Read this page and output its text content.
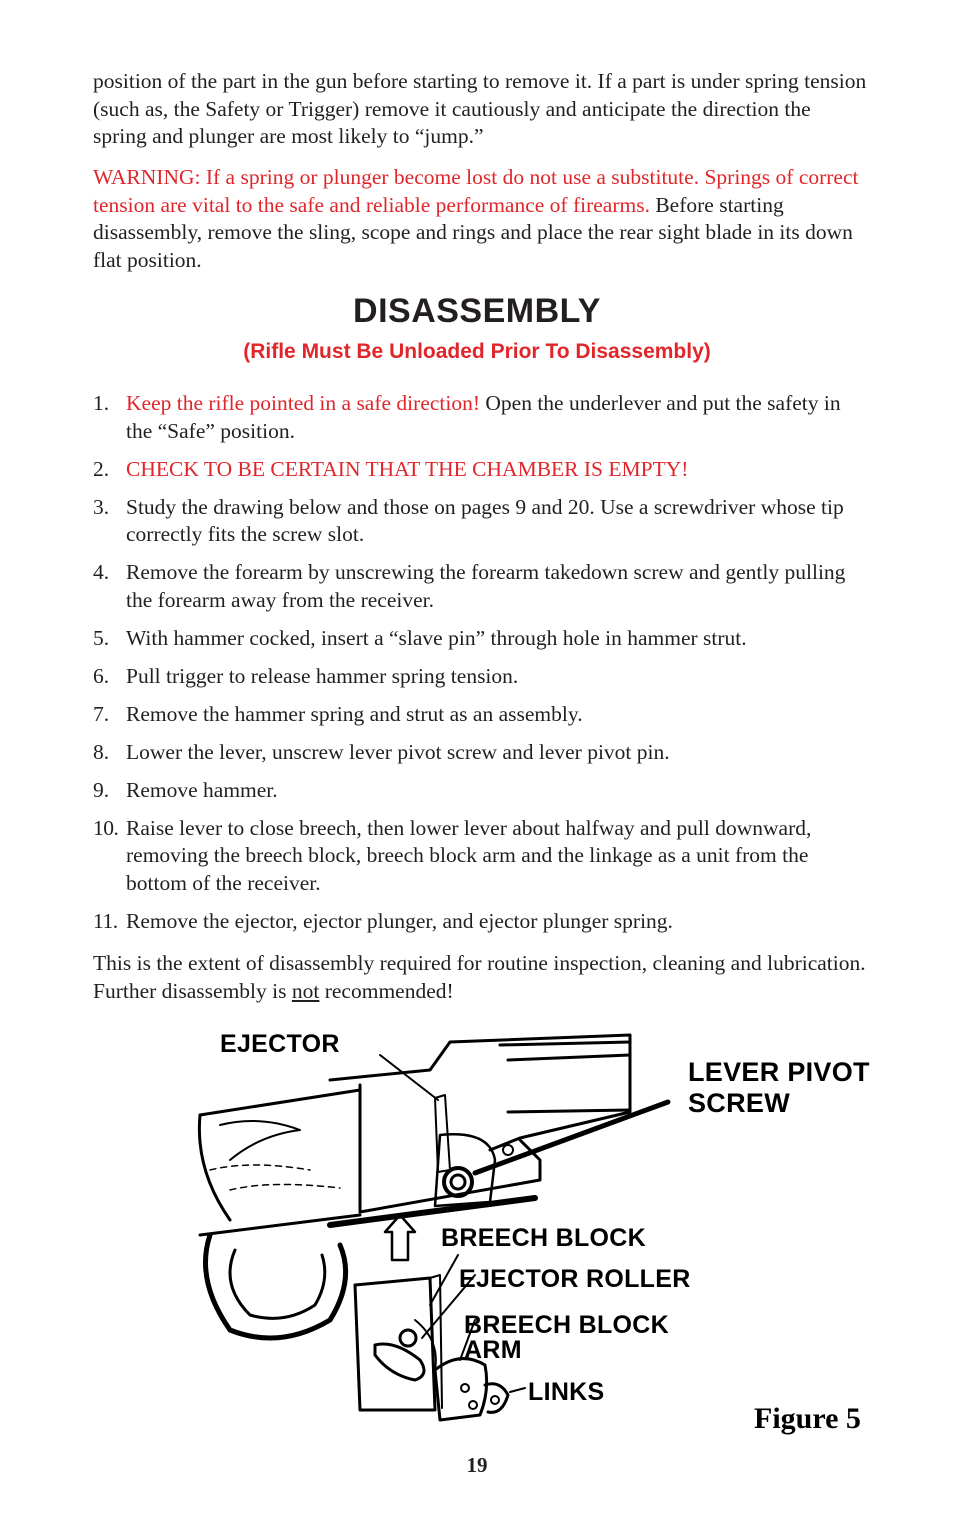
position of the part in the gun before starting to remove it. If a part is under spring tension (such as, the Safety or Trigger) remove it cautiously and anticipate the direction the spring and plunger are most likely to “jump.”

WARNING: If a spring or plunger become lost do not use a substitute. Springs of correct tension are vital to the safe and reliable performance of firearms. Before starting disassembly, remove the sling, scope and rings and place the rear sight blade in its down flat position.

DISASSEMBLY
(Rifle Must Be Unloaded Prior To Disassembly)
1. Keep the rifle pointed in a safe direction! Open the underlever and put the safety in the “Safe” position.
2. CHECK TO BE CERTAIN THAT THE CHAMBER IS EMPTY!
3. Study the drawing below and those on pages 9 and 20. Use a screwdriver whose tip correctly fits the screw slot.
4. Remove the forearm by unscrewing the forearm takedown screw and gently pulling the forearm away from the receiver.
5. With hammer cocked, insert a “slave pin” through hole in hammer strut.
6. Pull trigger to release hammer spring tension.
7. Remove the hammer spring and strut as an assembly.
8. Lower the lever, unscrew lever pivot screw and lever pivot pin.
9. Remove hammer.
10. Raise lever to close breech, then lower lever about halfway and pull downward, removing the breech block, breech block arm and the linkage as a unit from the bottom of the receiver.
11. Remove the ejector, ejector plunger, and ejector plunger spring.

This is the extent of disassembly required for routine inspection, cleaning and lubrication. Further disassembly is not recommended!

EJECTOR

LEVER PIVOT SCREW

BREECH BLOCK

EJECTOR ROLLER

BREECH BLOCK ARM

LINKS

Figure 5

19
